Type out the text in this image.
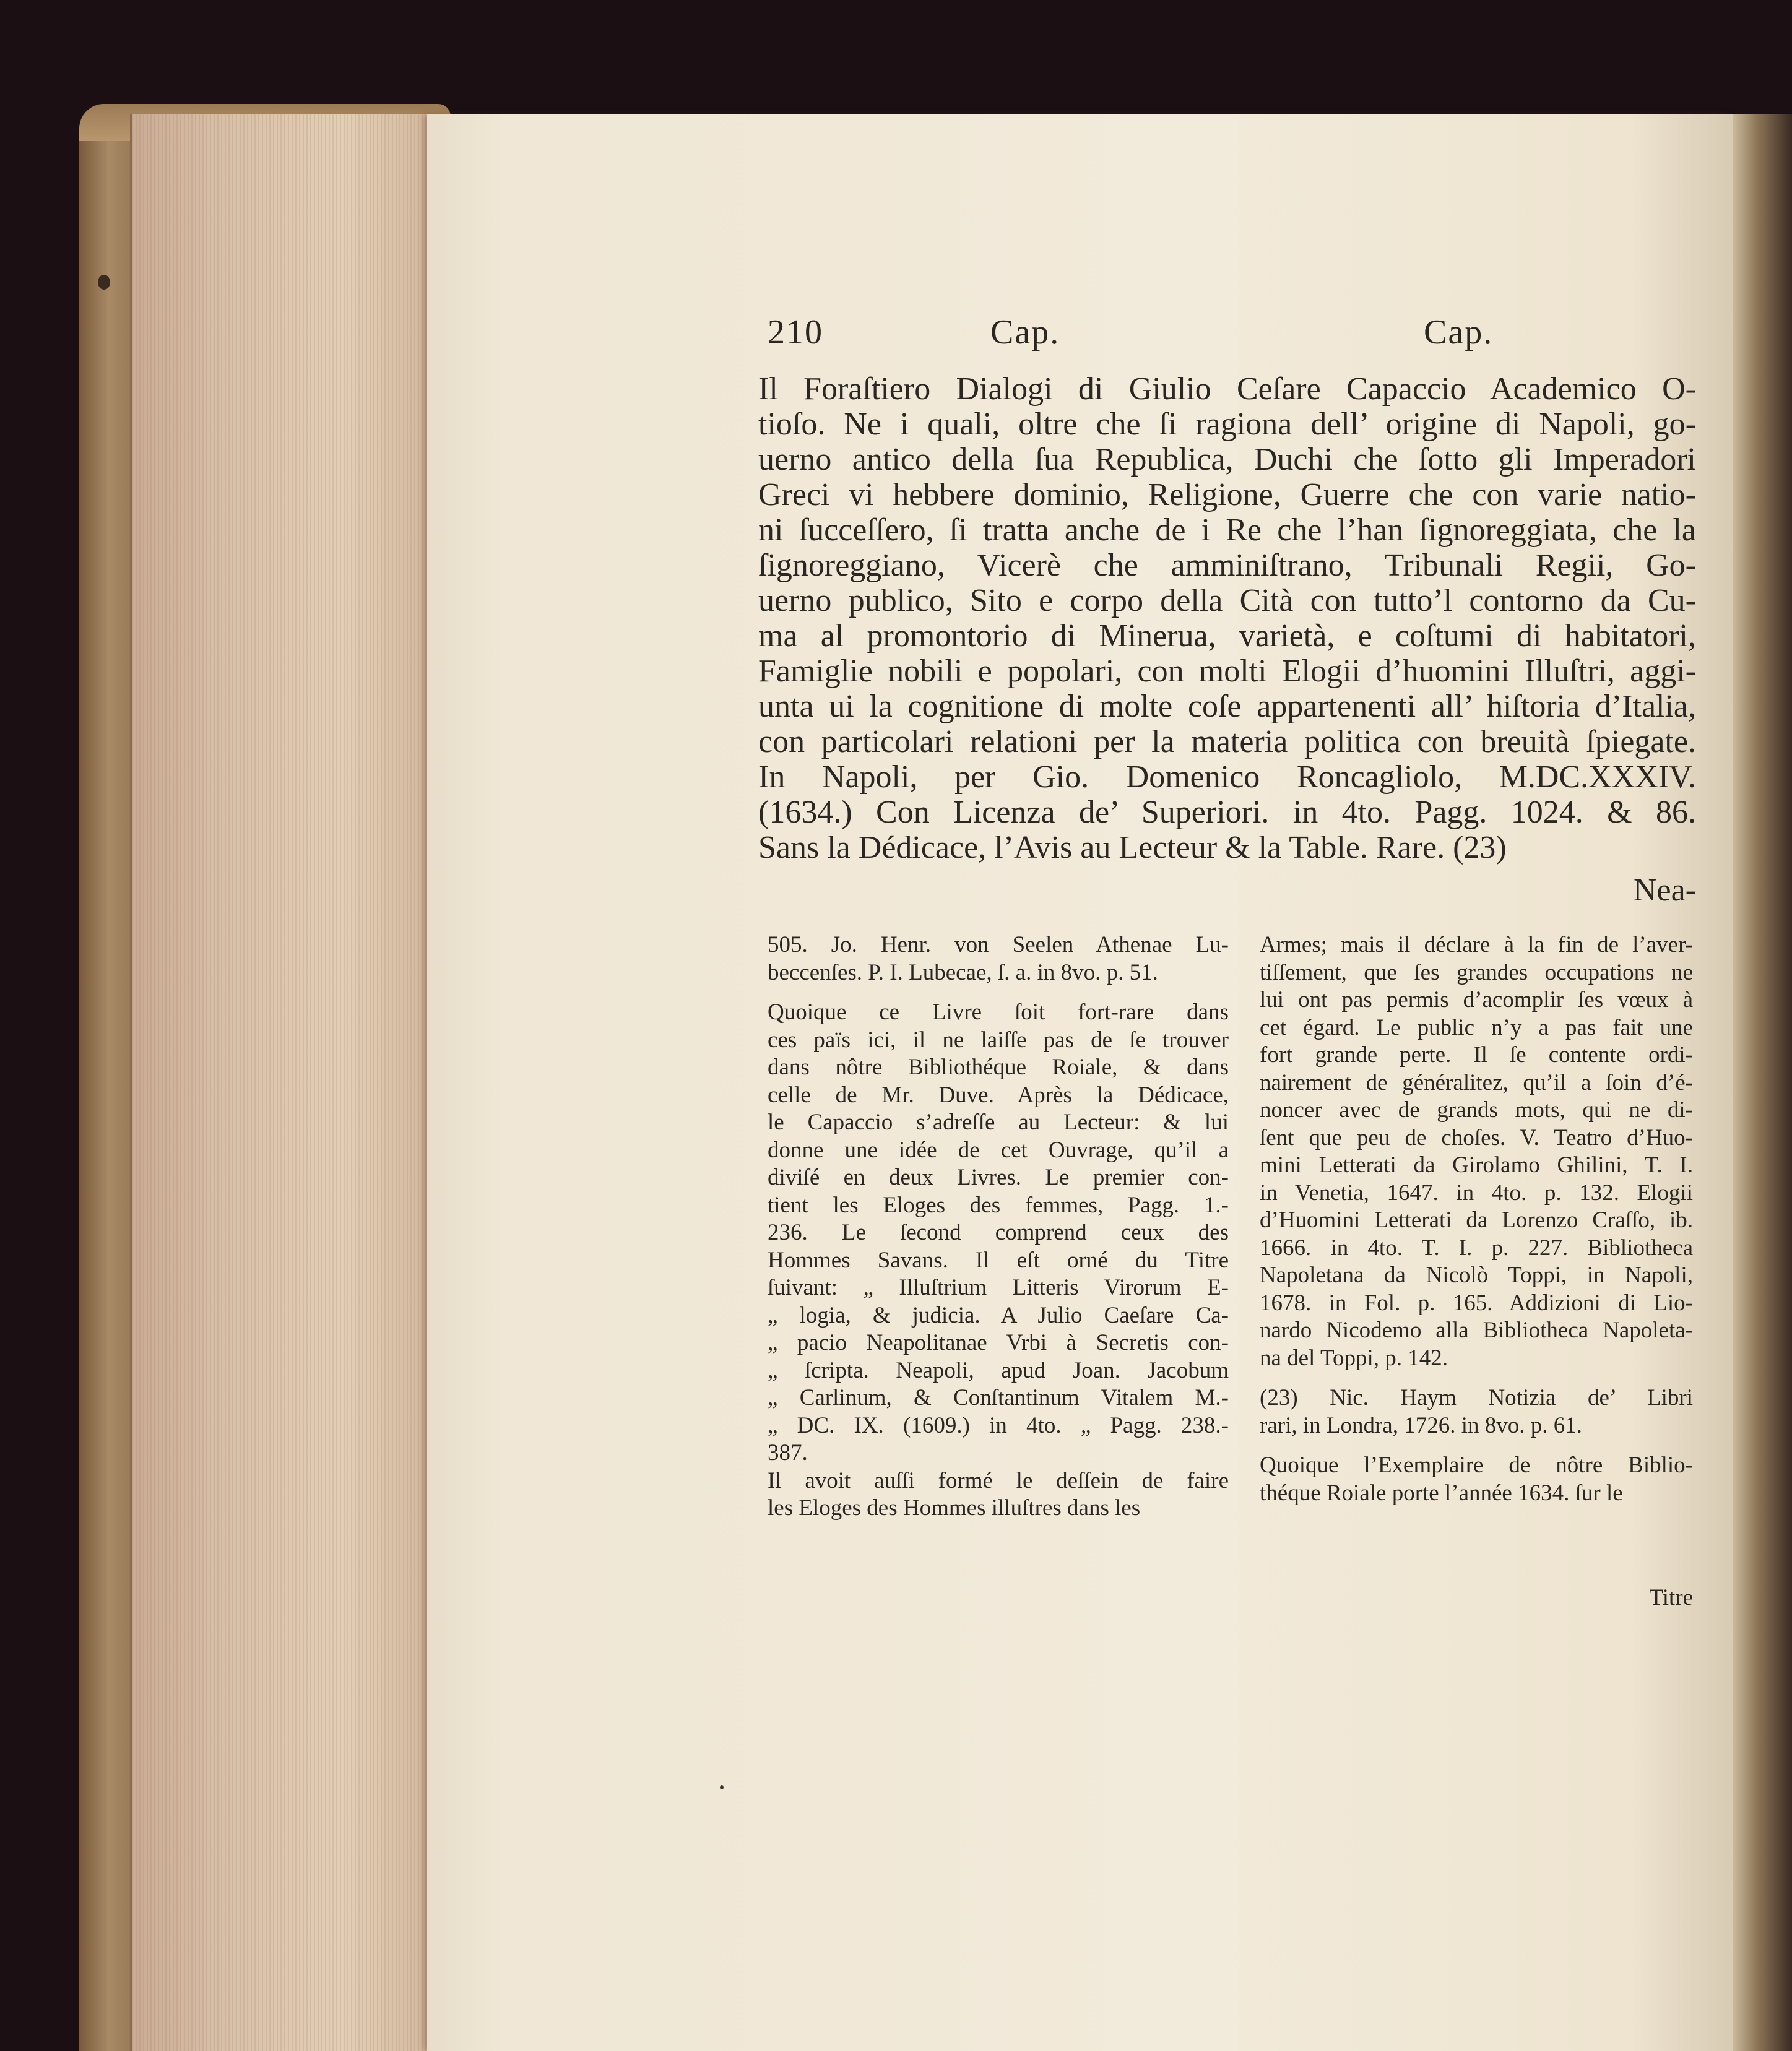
210	Cap.	Cap.
Il Foraſtiero Dialogi di Giulio Ceſare Capaccio Academico O-
tioſo. Ne i quali, oltre che ſi ragiona dell’ origine di Napoli, go-
uerno antico della ſua Republica, Duchi che ſotto gli Imperadori
Greci vi hebbere dominio, Religione, Guerre che con varie natio-
ni ſucceſſero, ſi tratta anche de i Re che l’han ſignoreggiata, che la
ſignoreggiano, Vicerè che amminiſtrano, Tribunali Regii, Go-
uerno publico, Sito e corpo della Cità con tutto’l contorno da Cu-
ma al promontorio di Minerua, varietà, e coſtumi di habitatori,
Famiglie nobili e popolari, con molti Elogii d’huomini Illuſtri, aggi-
unta ui la cognitione di molte coſe appartenenti all’ hiſtoria d’Italia,
con particolari relationi per la materia politica con breuità ſpiegate.
In Napoli, per Gio. Domenico Roncagliolo, M.DC.XXXIV.
(1634.) Con Licenza de’ Superiori. in 4to. Pagg. 1024. & 86.
Sans la Dédicace, l’Avis au Lecteur & la Table. Rare. (23)
Nea-
505. Jo. Henr. von Seelen Athenae Lu-
beccenſes. P. I. Lubecae, ſ. a. in 8vo. p. 51.
Quoique ce Livre ſoit fort-rare dans
ces païs ici, il ne laiſſe pas de ſe trouver
dans nôtre Bibliothéque Roiale, & dans
celle de Mr. Duve. Après la Dédicace,
le Capaccio s’adreſſe au Lecteur: & lui
donne une idée de cet Ouvrage, qu’il a
diviſé en deux Livres. Le premier con-
tient les Eloges des femmes, Pagg. 1.-
236. Le ſecond comprend ceux des
Hommes Savans. Il eſt orné du Titre
ſuivant: „ Illuſtrium Litteris Virorum E-
„ logia, & judicia. A Julio Caeſare Ca-
„ pacio Neapolitanae Vrbi à Secretis con-
„ ſcripta. Neapoli, apud Joan. Jacobum
„ Carlinum, & Conſtantinum Vitalem M.-
„ DC. IX. (1609.) in 4to. „ Pagg. 238.-
387.
Il avoit auſſi formé le deſſein de faire
les Eloges des Hommes illuſtres dans les
Armes; mais il déclare à la fin de l’aver-
tiſſement, que ſes grandes occupations ne
lui ont pas permis d’acomplir ſes vœux à
cet égard. Le public n’y a pas fait une
fort grande perte. Il ſe contente ordi-
nairement de généralitez, qu’il a ſoin d’é-
noncer avec de grands mots, qui ne di-
ſent que peu de choſes. V. Teatro d’Huo-
mini Letterati da Girolamo Ghilini, T. I.
in Venetia, 1647. in 4to. p. 132. Elogii
d’Huomini Letterati da Lorenzo Craſſo, ib.
1666. in 4to. T. I. p. 227. Bibliotheca
Napoletana da Nicolò Toppi, in Napoli,
1678. in Fol. p. 165. Addizioni di Lio-
nardo Nicodemo alla Bibliotheca Napoleta-
na del Toppi, p. 142.
(23) Nic. Haym Notizia de’ Libri
rari, in Londra, 1726. in 8vo. p. 61.
Quoique l’Exemplaire de nôtre Biblio-
théque Roiale porte l’année 1634. ſur le
Titre
